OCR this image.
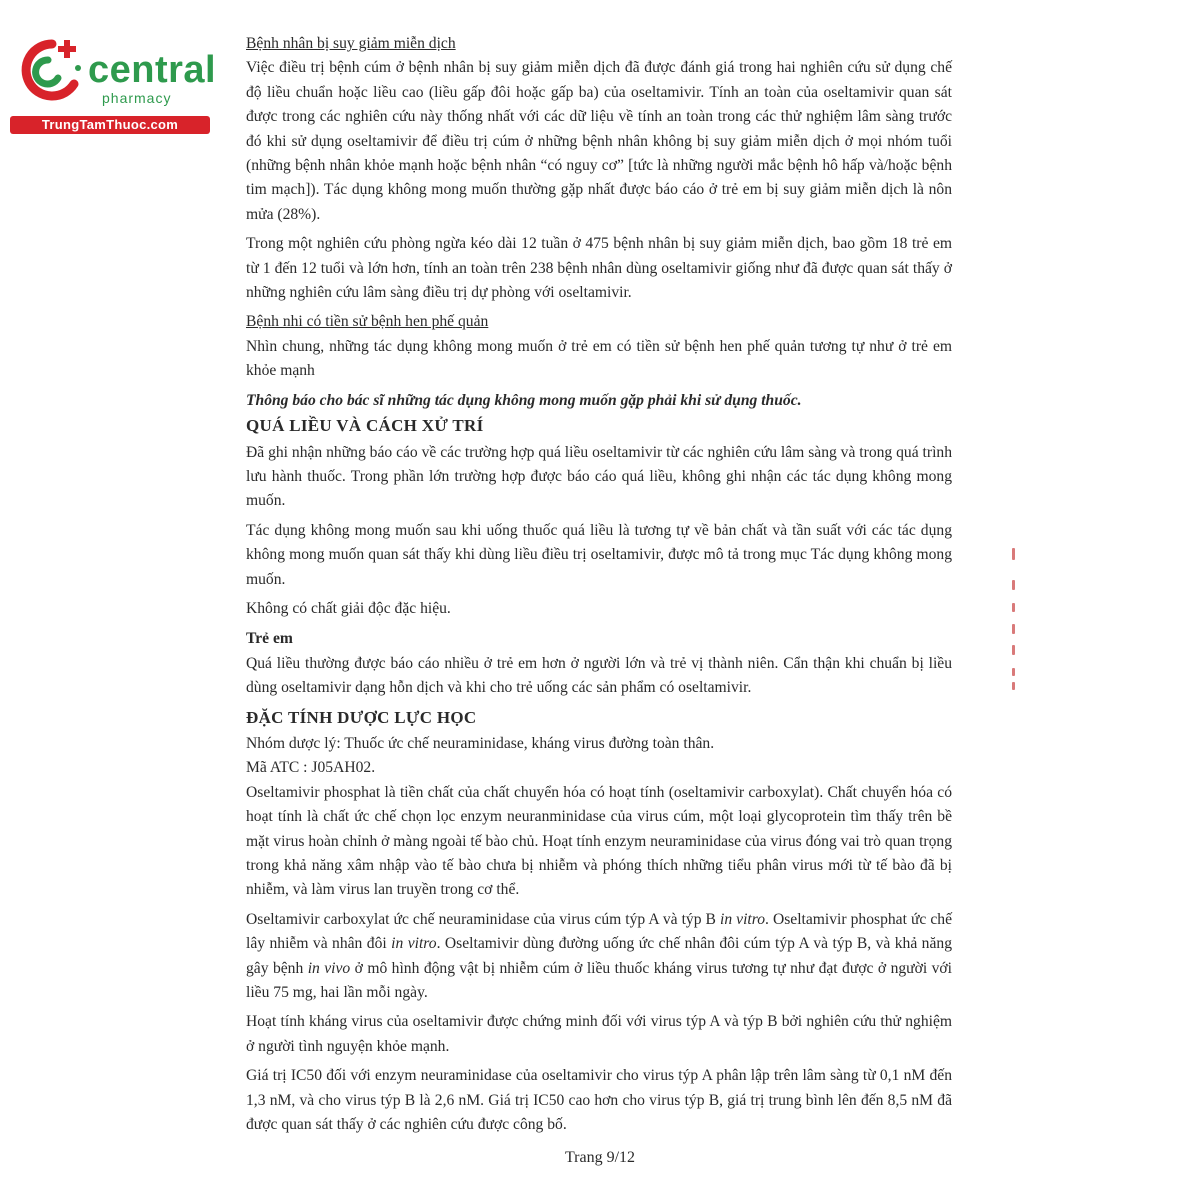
central
pharmacy
TrungTamThuoc.com

Bệnh nhân bị suy giảm miễn dịch

Việc điều trị bệnh cúm ở bệnh nhân bị suy giảm miễn dịch đã được đánh giá trong hai nghiên cứu sử dụng chế độ liều chuẩn hoặc liều cao (liều gấp đôi hoặc gấp ba) của oseltamivir. Tính an toàn của oseltamivir quan sát được trong các nghiên cứu này thống nhất với các dữ liệu về tính an toàn trong các thử nghiệm lâm sàng trước đó khi sử dụng oseltamivir để điều trị cúm ở những bệnh nhân không bị suy giảm miễn dịch ở mọi nhóm tuổi (những bệnh nhân khỏe mạnh hoặc bệnh nhân “có nguy cơ” [tức là những người mắc bệnh hô hấp và/hoặc bệnh tim mạch]). Tác dụng không mong muốn thường gặp nhất được báo cáo ở trẻ em bị suy giảm miễn dịch là nôn mửa (28%).

Trong một nghiên cứu phòng ngừa kéo dài 12 tuần ở 475 bệnh nhân bị suy giảm miễn dịch, bao gồm 18 trẻ em từ 1 đến 12 tuổi và lớn hơn, tính an toàn trên 238 bệnh nhân dùng oseltamivir giống như đã được quan sát thấy ở những nghiên cứu lâm sàng điều trị dự phòng với oseltamivir.

Bệnh nhi có tiền sử bệnh hen phế quản

Nhìn chung, những tác dụng không mong muốn ở trẻ em có tiền sử bệnh hen phế quản tương tự như ở trẻ em khỏe mạnh

Thông báo cho bác sĩ những tác dụng không mong muốn gặp phải khi sử dụng thuốc.

QUÁ LIỀU VÀ CÁCH XỬ TRÍ

Đã ghi nhận những báo cáo về các trường hợp quá liều oseltamivir từ các nghiên cứu lâm sàng và trong quá trình lưu hành thuốc. Trong phần lớn trường hợp được báo cáo quá liều, không ghi nhận các tác dụng không mong muốn.

Tác dụng không mong muốn sau khi uống thuốc quá liều là tương tự về bản chất và tần suất với các tác dụng không mong muốn quan sát thấy khi dùng liều điều trị oseltamivir, được mô tả trong mục Tác dụng không mong muốn.

Không có chất giải độc đặc hiệu.

Trẻ em

Quá liều thường được báo cáo nhiều ở trẻ em hơn ở người lớn và trẻ vị thành niên. Cẩn thận khi chuẩn bị liều dùng oseltamivir dạng hỗn dịch và khi cho trẻ uống các sản phẩm có oseltamivir.

ĐẶC TÍNH DƯỢC LỰC HỌC

Nhóm dược lý: Thuốc ức chế neuraminidase, kháng virus đường toàn thân.

Mã ATC : J05AH02.

Oseltamivir phosphat là tiền chất của chất chuyển hóa có hoạt tính (oseltamivir carboxylat). Chất chuyển hóa có hoạt tính là chất ức chế chọn lọc enzym neuranminidase của virus cúm, một loại glycoprotein tìm thấy trên bề mặt virus hoàn chỉnh ở màng ngoài tế bào chủ. Hoạt tính enzym neuraminidase của virus đóng vai trò quan trọng trong khả năng xâm nhập vào tế bào chưa bị nhiễm và phóng thích những tiểu phân virus mới từ tế bào đã bị nhiễm, và làm virus lan truyền trong cơ thể.

Oseltamivir carboxylat ức chế neuraminidase của virus cúm týp A và týp B in vitro. Oseltamivir phosphat ức chế lây nhiễm và nhân đôi in vitro. Oseltamivir dùng đường uống ức chế nhân đôi cúm týp A và týp B, và khả năng gây bệnh in vivo ở mô hình động vật bị nhiễm cúm ở liều thuốc kháng virus tương tự như đạt được ở người với liều 75 mg, hai lần mỗi ngày.

Hoạt tính kháng virus của oseltamivir được chứng minh đối với virus týp A và týp B bởi nghiên cứu thử nghiệm ở người tình nguyện khỏe mạnh.

Giá trị IC50 đối với enzym neuraminidase của oseltamivir cho virus týp A phân lập trên lâm sàng từ 0,1 nM đến 1,3 nM, và cho virus týp B là 2,6 nM. Giá trị IC50 cao hơn cho virus týp B, giá trị trung bình lên đến 8,5 nM đã được quan sát thấy ở các nghiên cứu được công bố.

Trang 9/12
